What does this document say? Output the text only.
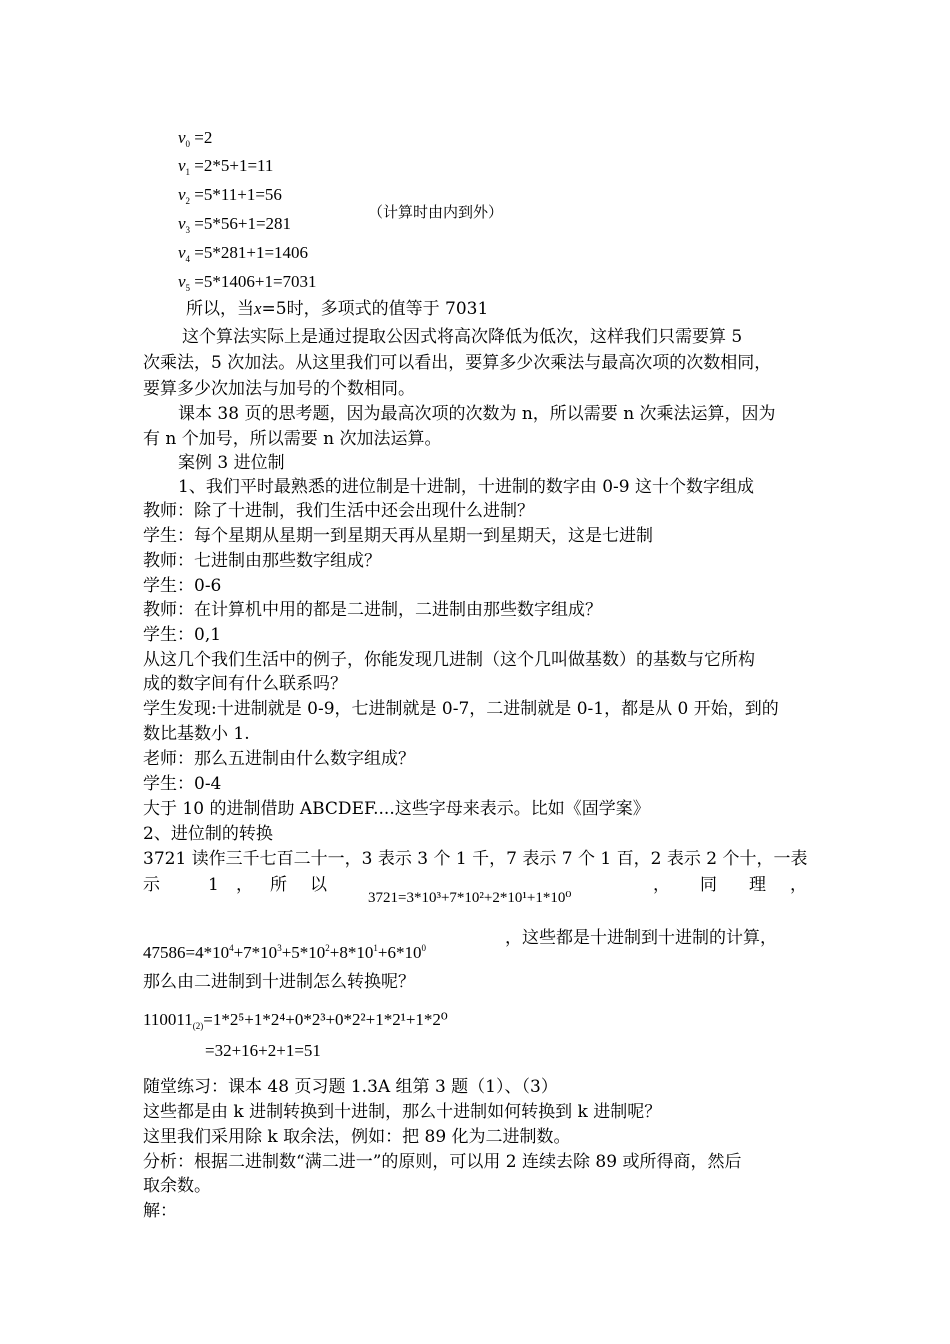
$v_0 =2$
$v_1 =2*5+1=11$
$v_2 =5*11+1=56$
$v_3 =5*56+1=281$
$v_4 =5*281+1=1406$
$v_5 =5*1406+1=7031$
（计算时由内到外）
所以，当x=5时，多项式的值等于 7031
这个算法实际上是通过提取公因式将高次降低为低次，这样我们只需要算 5
次乘法，5 次加法。从这里我们可以看出，要算多少次乘法与最高次项的次数相同，
要算多少次加法与加号的个数相同。
课本 38 页的思考题，因为最高次项的次数为 n，所以需要 n 次乘法运算，因为
有 n 个加号，所以需要 n 次加法运算。
案例 3 进位制
1、我们平时最熟悉的进位制是十进制，十进制的数字由 0-9 这十个数字组成
教师：除了十进制，我们生活中还会出现什么进制？
学生：每个星期从星期一到星期天再从星期一到星期天，这是七进制
教师：七进制由那些数字组成？
学生：0-6
教师：在计算机中用的都是二进制，二进制由那些数字组成？
学生：0,1
从这几个我们生活中的例子，你能发现几进制（这个几叫做基数）的基数与它所构
成的数字间有什么联系吗？
学生发现:十进制就是 0-9，七进制就是 0-7，二进制就是 0-1，都是从 0 开始，到的
数比基数小 1.
老师：那么五进制由什么数字组成？
学生：0-4
大于 10 的进制借助 ABCDEF....这些字母来表示。比如《固学案》
2、进位制的转换
3721 读作三千七百二十一，3 表示 3 个 1 千，7 表示 7 个 1 百，2 表示 2 个十，一表
示	1 ， 所 以
3721=3*10³+7*10²+2*10¹+1*10⁰
， 同 理 ，
$47586=4*10^4+7*10^3+5*10^2+8*10^1+6*10^0$	，这些都是十进制到十进制的计算，
那么由二进制到十进制怎么转换呢？
$110011_{(2)}=1*2^5+1*2^4+0*2^3+0*2^2+1*2^1+1*2^0$
=32+16+2+1=51
随堂练习：课本 48 页习题 1.3A 组第 3 题（1）、（3）
这些都是由 k 进制转换到十进制，那么十进制如何转换到 k 进制呢？
这里我们采用除 k 取余法，例如：把 89 化为二进制数。
分析：根据二进制数“满二进一”的原则，可以用 2 连续去除 89 或所得商，然后
取余数。
解：
